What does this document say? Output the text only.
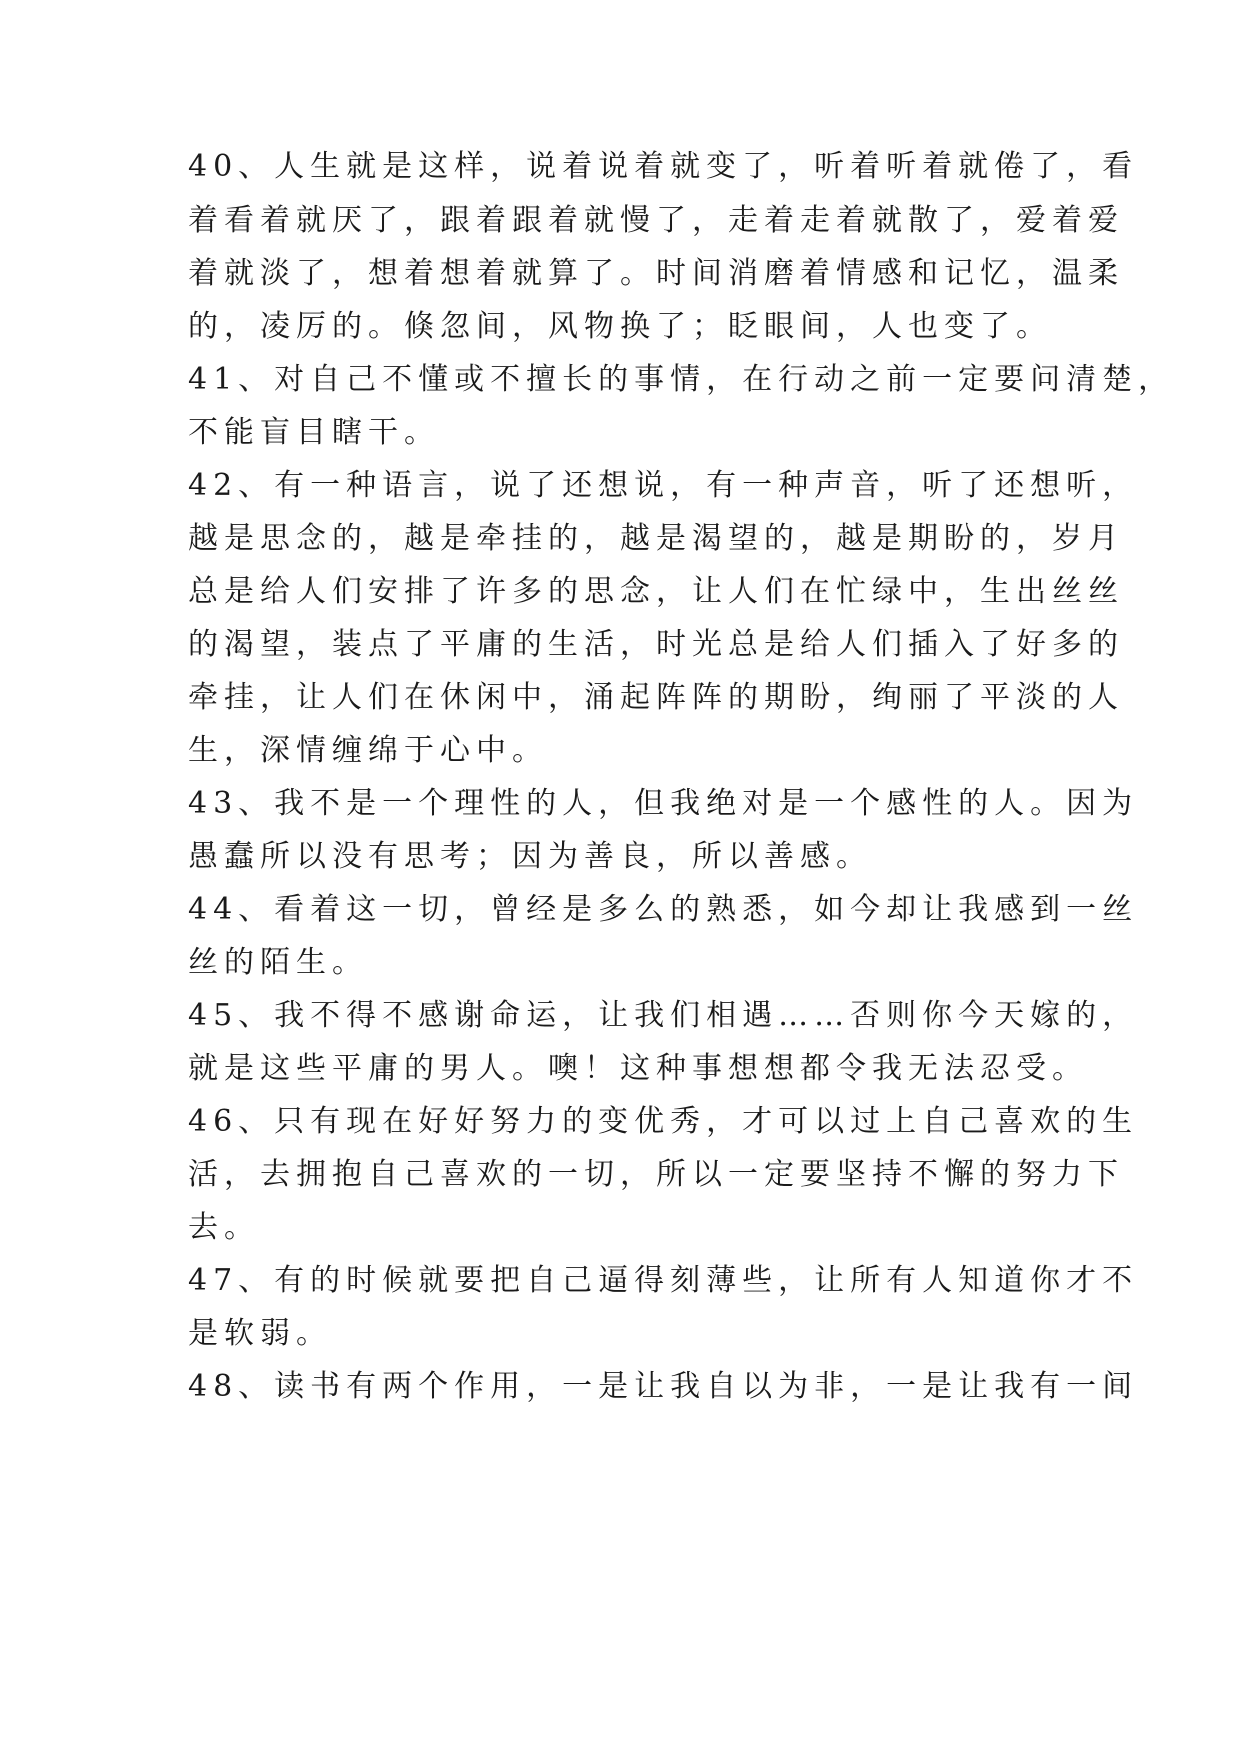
40、人生就是这样，说着说着就变了，听着听着就倦了，看

着看着就厌了，跟着跟着就慢了，走着走着就散了，爱着爱

着就淡了，想着想着就算了。时间消磨着情感和记忆，温柔

的，凌厉的。倏忽间，风物换了；眨眼间，人也变了。

41、对自己不懂或不擅长的事情，在行动之前一定要问清楚，

不能盲目瞎干。

42、有一种语言，说了还想说，有一种声音，听了还想听，

越是思念的，越是牵挂的，越是渴望的，越是期盼的，岁月

总是给人们安排了许多的思念，让人们在忙绿中，生出丝丝

的渴望，装点了平庸的生活，时光总是给人们插入了好多的

牵挂，让人们在休闲中，涌起阵阵的期盼，绚丽了平淡的人

生，深情缠绵于心中。

43、我不是一个理性的人，但我绝对是一个感性的人。因为

愚蠢所以没有思考；因为善良，所以善感。

44、看着这一切，曾经是多么的熟悉，如今却让我感到一丝

丝的陌生。

45、我不得不感谢命运，让我们相遇……否则你今天嫁的，

就是这些平庸的男人。噢！这种事想想都令我无法忍受。

46、只有现在好好努力的变优秀，才可以过上自己喜欢的生

活，去拥抱自己喜欢的一切，所以一定要坚持不懈的努力下

去。

47、有的时候就要把自己逼得刻薄些，让所有人知道你才不

是软弱。

48、读书有两个作用，一是让我自以为非，一是让我有一间
